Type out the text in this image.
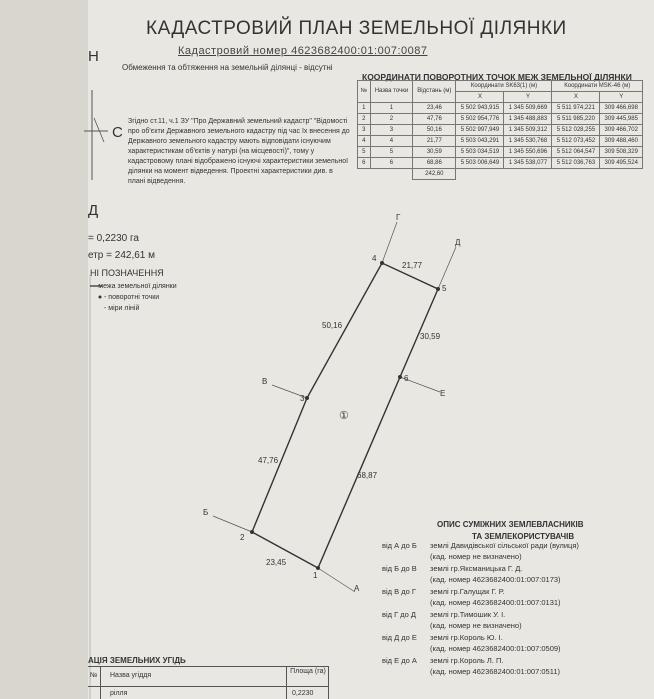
КАДАСТРОВИЙ ПЛАН ЗЕМЕЛЬНОЇ ДІЛЯНКИ
Кадастровий номер 4623682400:01:007:0087
Обмеження та обтяження на земельній ділянці - відсутні
КООРДИНАТИ ПОВОРОТНИХ ТОЧОК МЕЖ ЗЕМЕЛЬНОЇ ДІЛЯНКИ
№	Назва точки	Відстань (м)	Координати SK63(1) (м)		Координати MSK-46 (м)	
			X	Y	X	Y
1	1	23,46	5 502 943,915	1 345 509,669	5 511 974,221	309 466,698
2	2	47,76	5 502 954,776	1 345 488,883	5 511 985,220	309 445,985
3	3	50,16	5 502 997,949	1 345 509,312	5 512 028,255	309 466,702
4	4	21,77	5 503 043,291	1 345 530,768	5 512 073,452	309 488,460
5	5	30,59	5 503 034,519	1 345 550,696	5 512 064,547	309 508,329
6	6	68,86	5 503 006,649	1 345 538,077	5 512 036,763	309 495,524
		242,60				
Згідно ст.11, ч.1 ЗУ "Про Державний земельний кадастр" "Відомості про об'єкти Державного земельного кадастру під час їх внесення до Державного земельного кадастру мають відповідати існуючим характеристикам об'єктів у натурі (на місцевості)", тому у кадастровому плані відображено існуючі характеристики земельної ділянки на момент відведення. Проектні характеристики див. в плані відведення.
Н
С
Д
= 0,2230 га
етр = 242,61 м
НІ ПОЗНАЧЕННЯ
- межа земельної ділянки
- поворотні точки
- міри ліній
1
2
3
4
5
6
23,45
47,76
50,16
21,77
30,59
68,87
А
Б
В
Г
Д
Е
①
ОПИС СУМІЖНИХ ЗЕМЛЕВЛАСНИКІВ
ТА ЗЕМЛЕКОРИСТУВАЧІВ
від А до Б землі Давидівської сільської ради (вулиця)
(кад. номер не визначено)
від Б до В землі гр.Яксманицька Г. Д.
(кад. номер 4623682400:01:007:0173)
від В до Г землі гр.Галущак Г. Р.
(кад. номер 4623682400:01:007:0131)
від Г до Д землі гр.Тимошик У. І.
(кад. номер не визначено)
від Д до Е землі гр.Король Ю. І.
(кад. номер 4623682400:01:007:0509)
від Е до А землі гр.Король Л. П.
(кад. номер 4623682400:01:007:0511)
АЦІЯ ЗЕМЕЛЬНИХ УГІДЬ
№ Назва угіддя
Площа (га)
рілля	0,2230
